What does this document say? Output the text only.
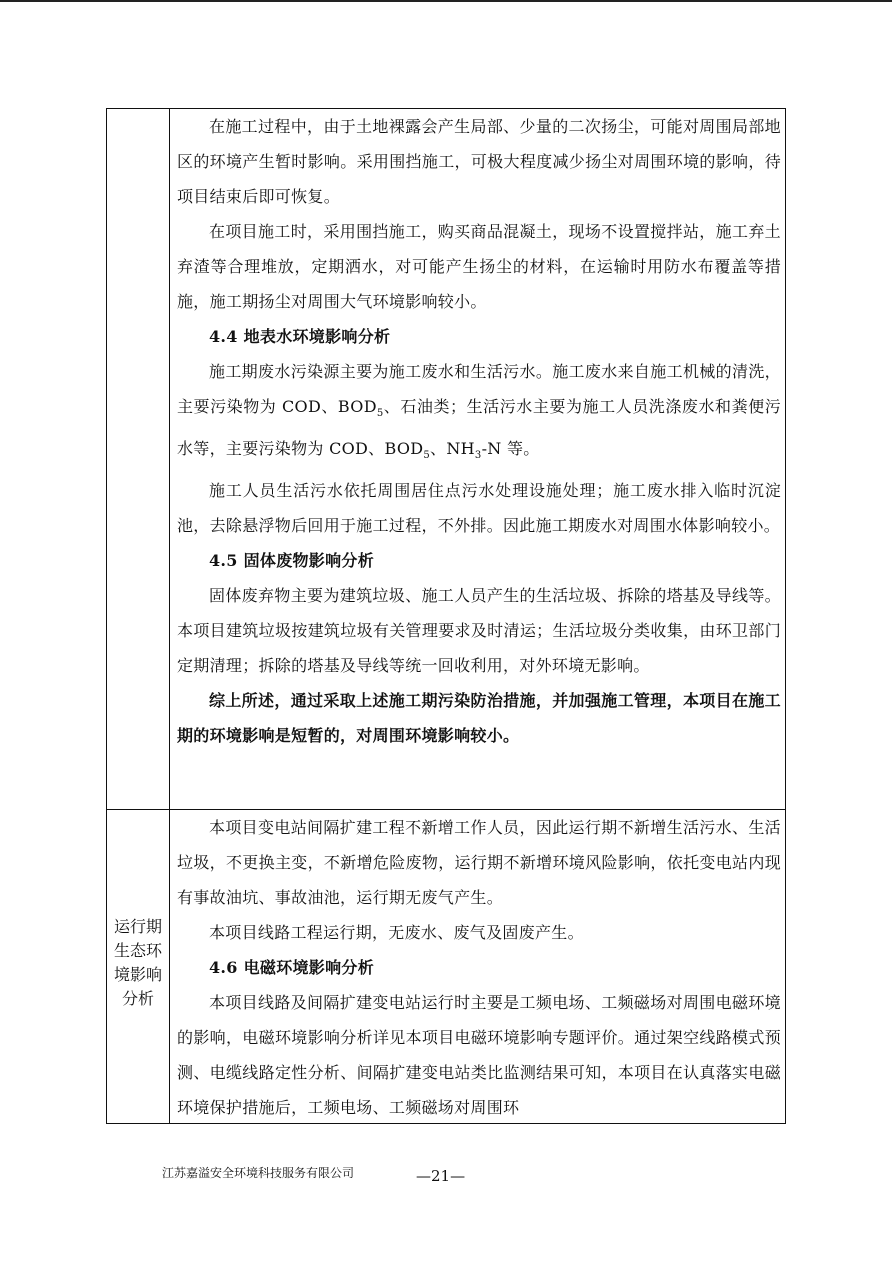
在施工过程中，由于土地裸露会产生局部、少量的二次扬尘，可能对周围局部地区的环境产生暂时影响。采用围挡施工，可极大程度减少扬尘对周围环境的影响，待项目结束后即可恢复。

在项目施工时，采用围挡施工，购买商品混凝土，现场不设置搅拌站，施工弃土弃渣等合理堆放，定期洒水，对可能产生扬尘的材料，在运输时用防水布覆盖等措施，施工期扬尘对周围大气环境影响较小。

4.4 地表水环境影响分析

施工期废水污染源主要为施工废水和生活污水。施工废水来自施工机械的清洗，主要污染物为 COD、$BOD_5$、石油类；生活污水主要为施工人员洗涤废水和粪便污水等，主要污染物为 COD、$BOD_5$、$NH_3-N$ 等。

施工人员生活污水依托周围居住点污水处理设施处理；施工废水排入临时沉淀池，去除悬浮物后回用于施工过程，不外排。因此施工期废水对周围水体影响较小。

4.5 固体废物影响分析

固体废弃物主要为建筑垃圾、施工人员产生的生活垃圾、拆除的塔基及导线等。本项目建筑垃圾按建筑垃圾有关管理要求及时清运；生活垃圾分类收集，由环卫部门定期清理；拆除的塔基及导线等统一回收利用，对外环境无影响。

综上所述，通过采取上述施工期污染防治措施，并加强施工管理，本项目在施工期的环境影响是短暂的，对周围环境影响较小。

运行期
生态环
境影响
分析

本项目变电站间隔扩建工程不新增工作人员，因此运行期不新增生活污水、生活垃圾，不更换主变，不新增危险废物，运行期不新增环境风险影响，依托变电站内现有事故油坑、事故油池，运行期无废气产生。

本项目线路工程运行期，无废水、废气及固废产生。

4.6 电磁环境影响分析

本项目线路及间隔扩建变电站运行时主要是工频电场、工频磁场对周围电磁环境的影响，电磁环境影响分析详见本项目电磁环境影响专题评价。通过架空线路模式预测、电缆线路定性分析、间隔扩建变电站类比监测结果可知，本项目在认真落实电磁环境保护措施后，工频电场、工频磁场对周围环

江苏嘉溢安全环境科技服务有限公司	—21—
